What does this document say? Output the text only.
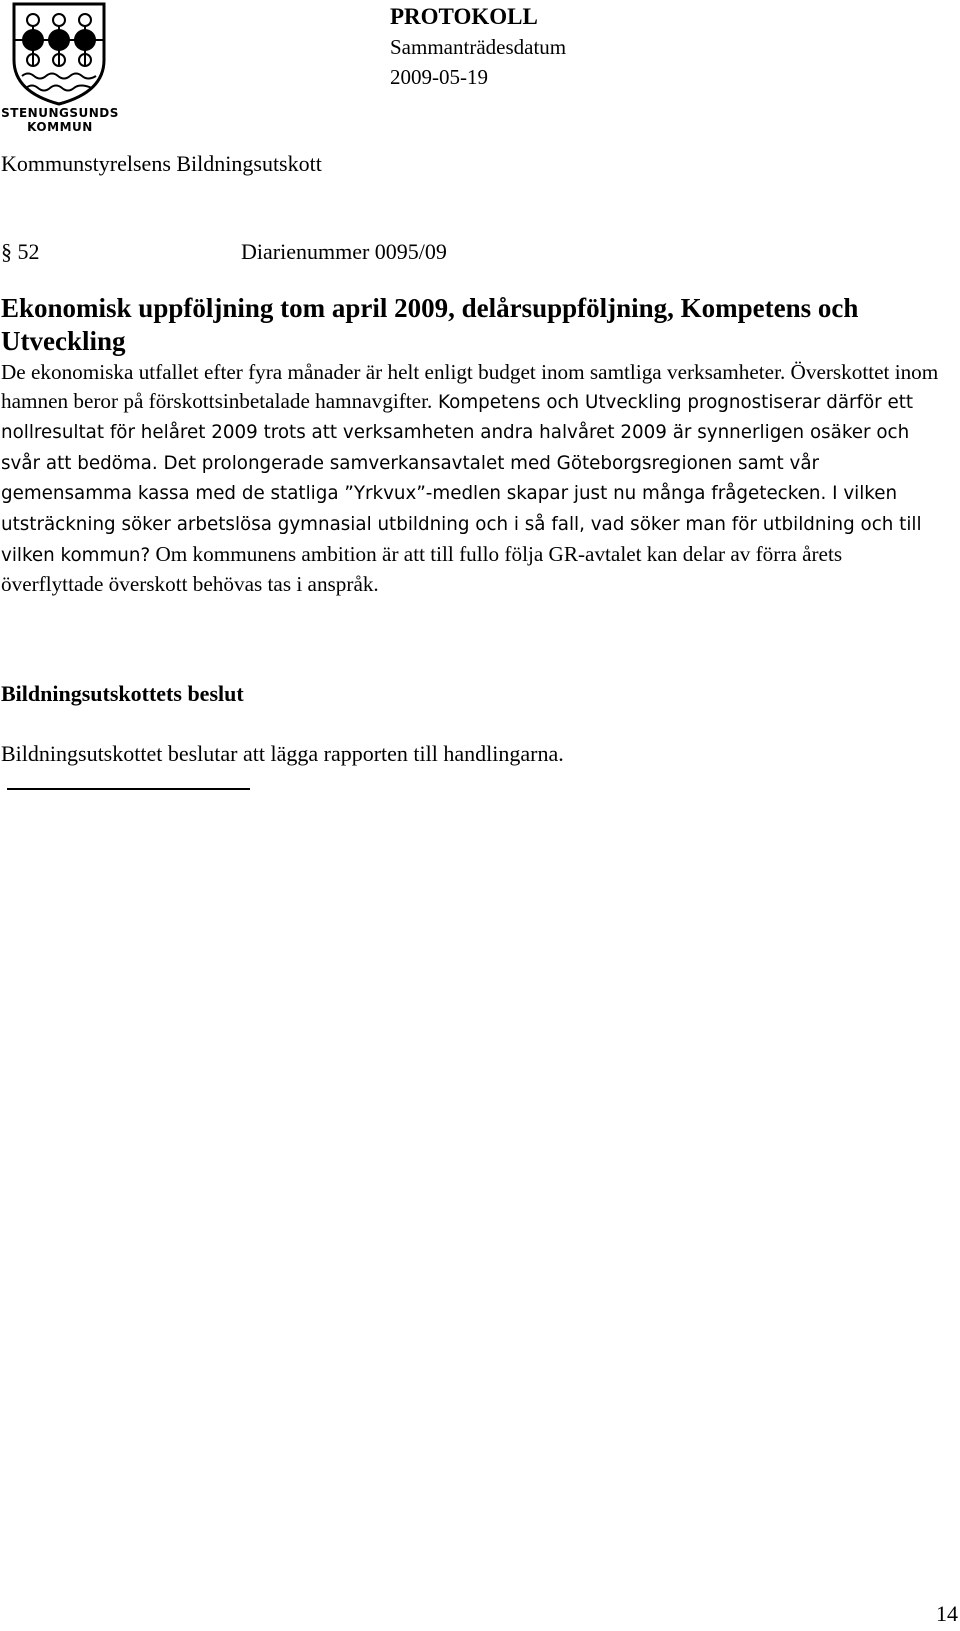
STENUNGSUNDS
KOMMUN
PROTOKOLL
Sammanträdesdatum
2009-05-19
Kommunstyrelsens Bildningsutskott
§ 52	Diarienummer 0095/09
Ekonomisk uppföljning tom april 2009, delårsuppföljning, Kompetens och Utveckling
De ekonomiska utfallet efter fyra månader är helt enligt budget inom samtliga verksamheter. Överskottet inom hamnen beror på förskottsinbetalade hamnavgifter. Kompetens och Utveckling prognostiserar därför ett nollresultat för helåret 2009 trots att verksamheten andra halvåret 2009 är synnerligen osäker och svår att bedöma. Det prolongerade samverkansavtalet med Göteborgsregionen samt vår gemensamma kassa med de statliga ”Yrkvux”-medlen skapar just nu många frågetecken. I vilken utsträckning söker arbetslösa gymnasial utbildning och i så fall, vad söker man för utbildning och till vilken kommun? Om kommunens ambition är att till fullo följa GR-avtalet kan delar av förra årets överflyttade överskott behövas tas i anspråk.
Bildningsutskottets beslut
Bildningsutskottet beslutar att lägga rapporten till handlingarna.
14
